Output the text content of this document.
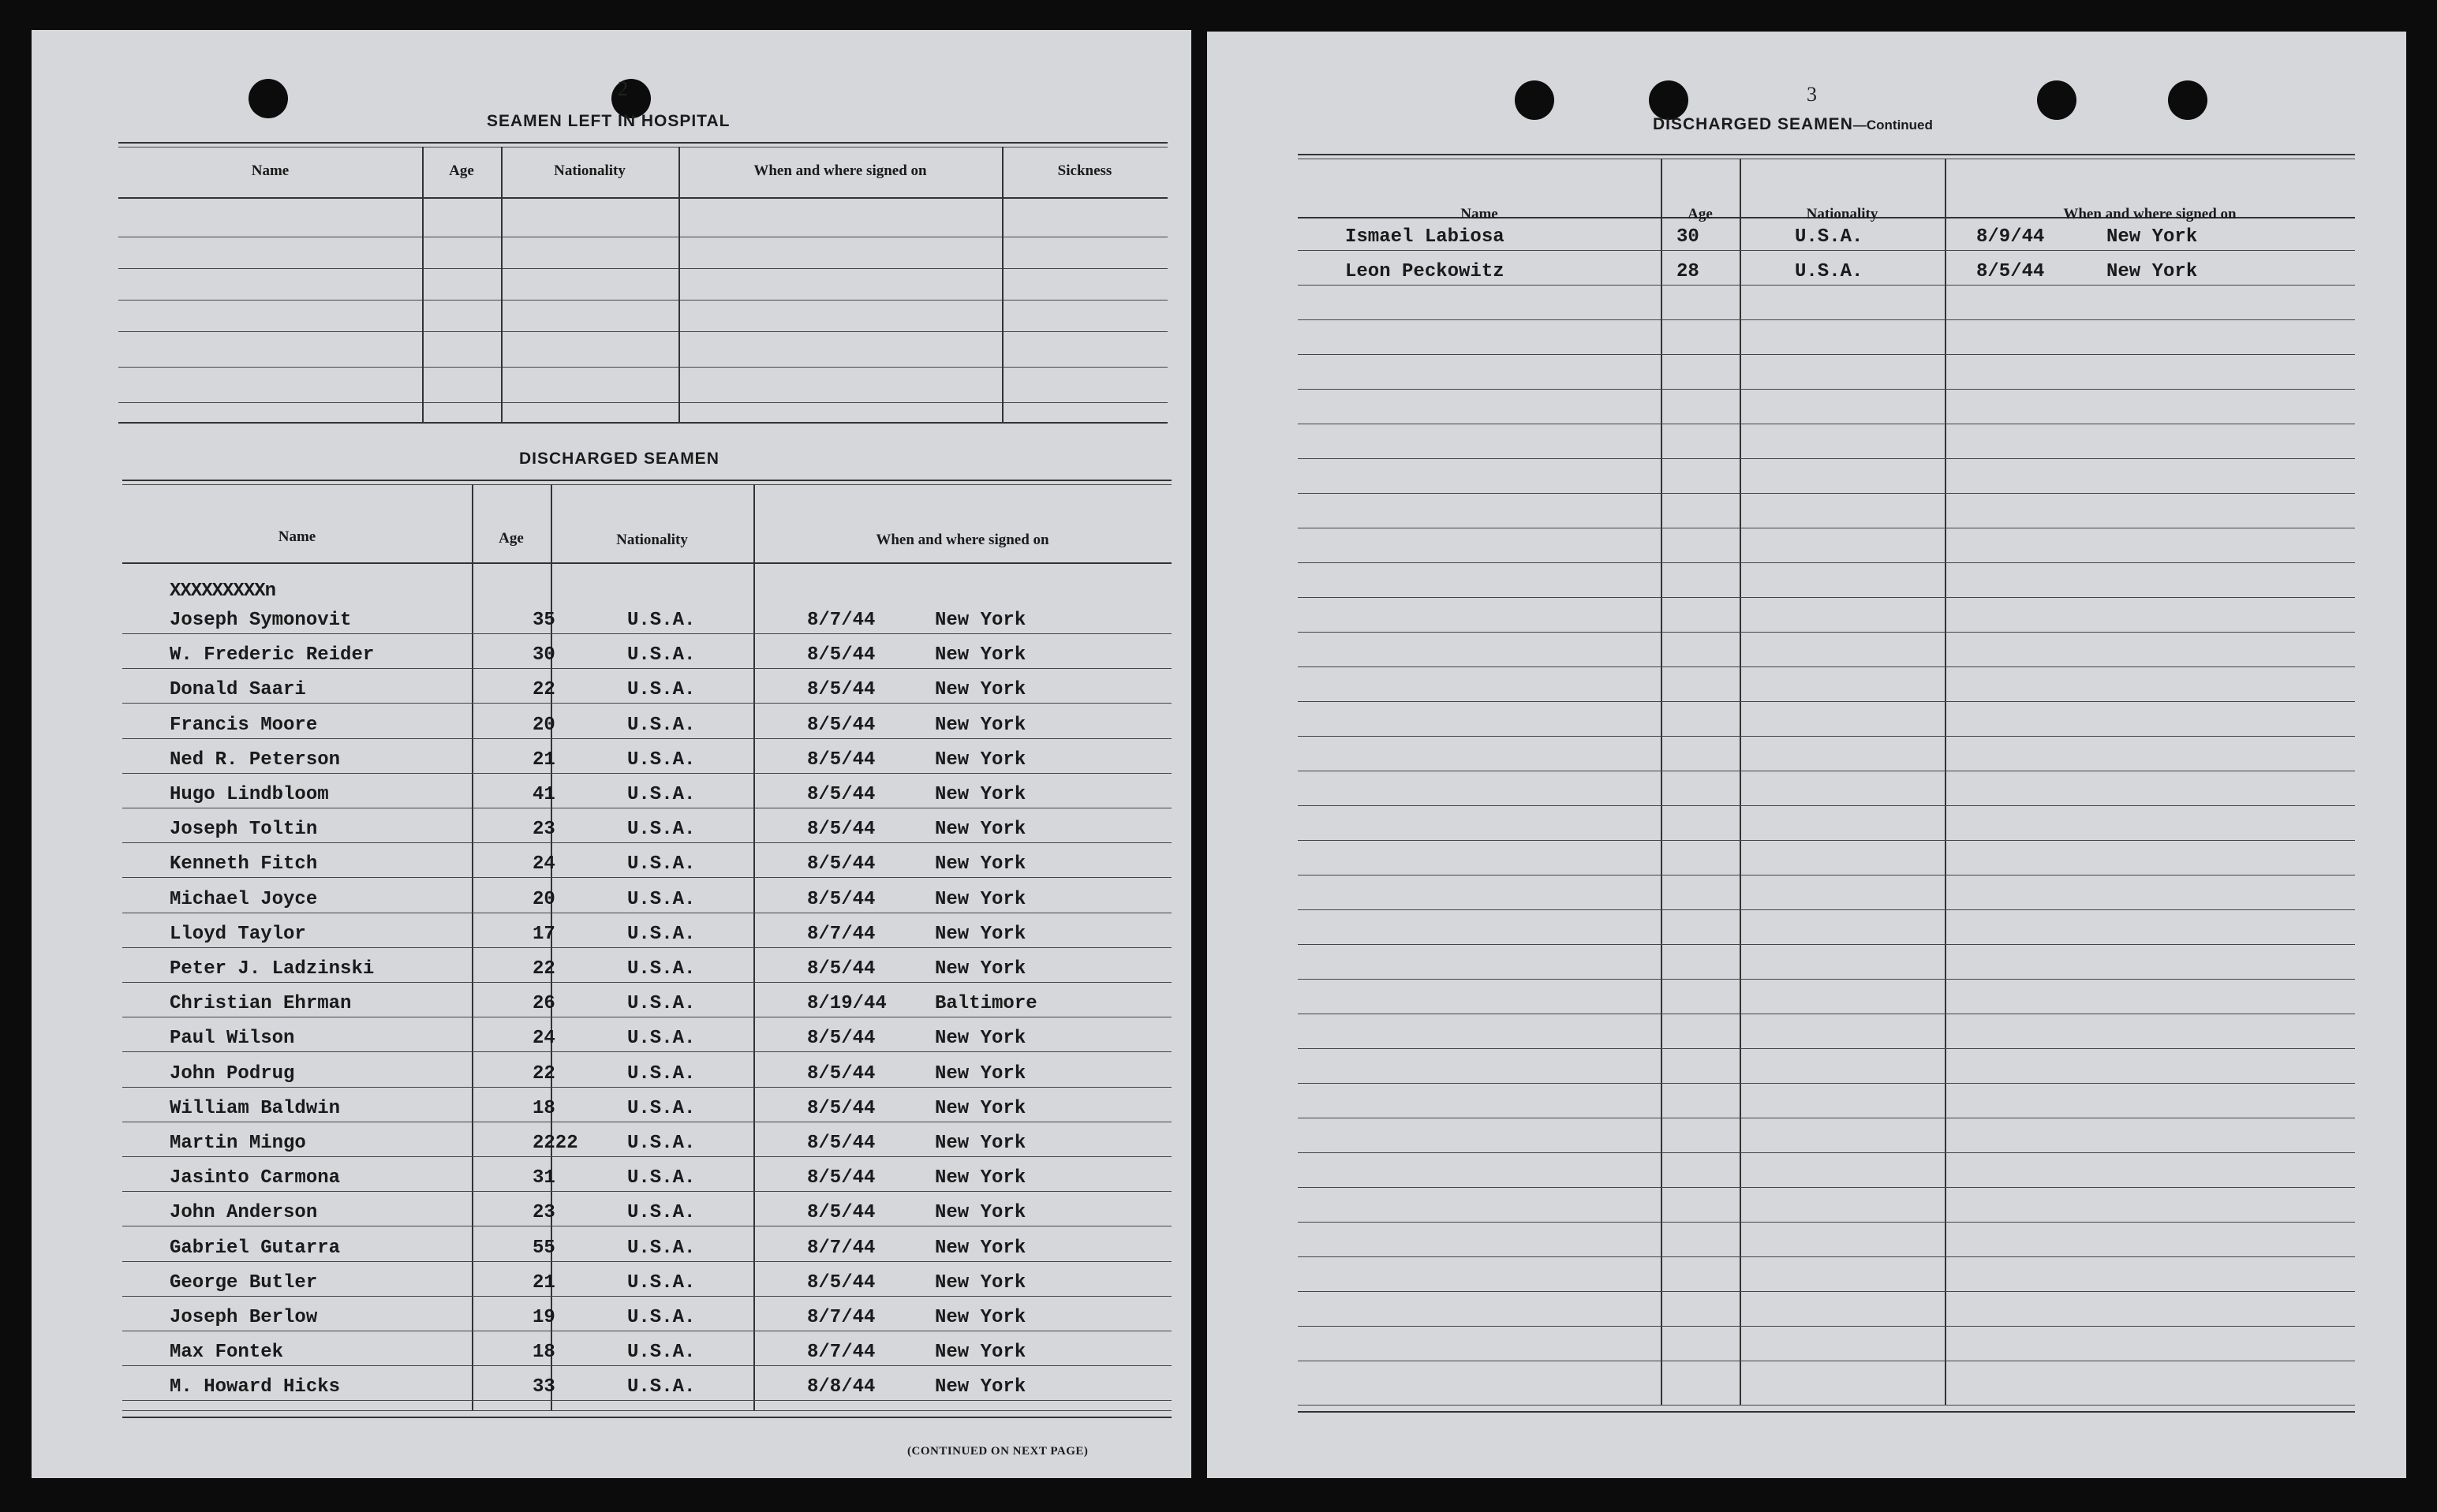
2
SEAMEN LEFT IN HOSPITAL
Name	Age	Nationality	When and where signed on	Sickness
DISCHARGED SEAMEN
Name	Age	Nationality	When and where signed on
XXXXXXXXXn
Joseph Symonovit	35	U.S.A.	8/7/44	New York
W. Frederic Reider	30	U.S.A.	8/5/44	New York
Donald Saari	22	U.S.A.	8/5/44	New York
Francis Moore	20	U.S.A.	8/5/44	New York
Ned R. Peterson	21	U.S.A.	8/5/44	New York
Hugo Lindbloom	41	U.S.A.	8/5/44	New York
Joseph Toltin	23	U.S.A.	8/5/44	New York
Kenneth Fitch	24	U.S.A.	8/5/44	New York
Michael Joyce	20	U.S.A.	8/5/44	New York
Lloyd Taylor	17	U.S.A.	8/7/44	New York
Peter J. Ladzinski	22	U.S.A.	8/5/44	New York
Christian Ehrman	26	U.S.A.	8/19/44	Baltimore
Paul Wilson	24	U.S.A.	8/5/44	New York
John Podrug	22	U.S.A.	8/5/44	New York
William Baldwin	18	U.S.A.	8/5/44	New York
Martin Mingo	2222	U.S.A.	8/5/44	New York
Jasinto Carmona	31	U.S.A.	8/5/44	New York
John Anderson	23	U.S.A.	8/5/44	New York
Gabriel Gutarra	55	U.S.A.	8/7/44	New York
George Butler	21	U.S.A.	8/5/44	New York
Joseph Berlow	19	U.S.A.	8/7/44	New York
Max Fontek	18	U.S.A.	8/7/44	New York
M. Howard Hicks	33	U.S.A.	8/8/44	New York
(CONTINUED ON NEXT PAGE)
3
DISCHARGED SEAMEN—Continued
Name	Age	Nationality	When and where signed on
Ismael Labiosa	30	U.S.A.	8/9/44	New York
Leon Peckowitz	28	U.S.A.	8/5/44	New York
